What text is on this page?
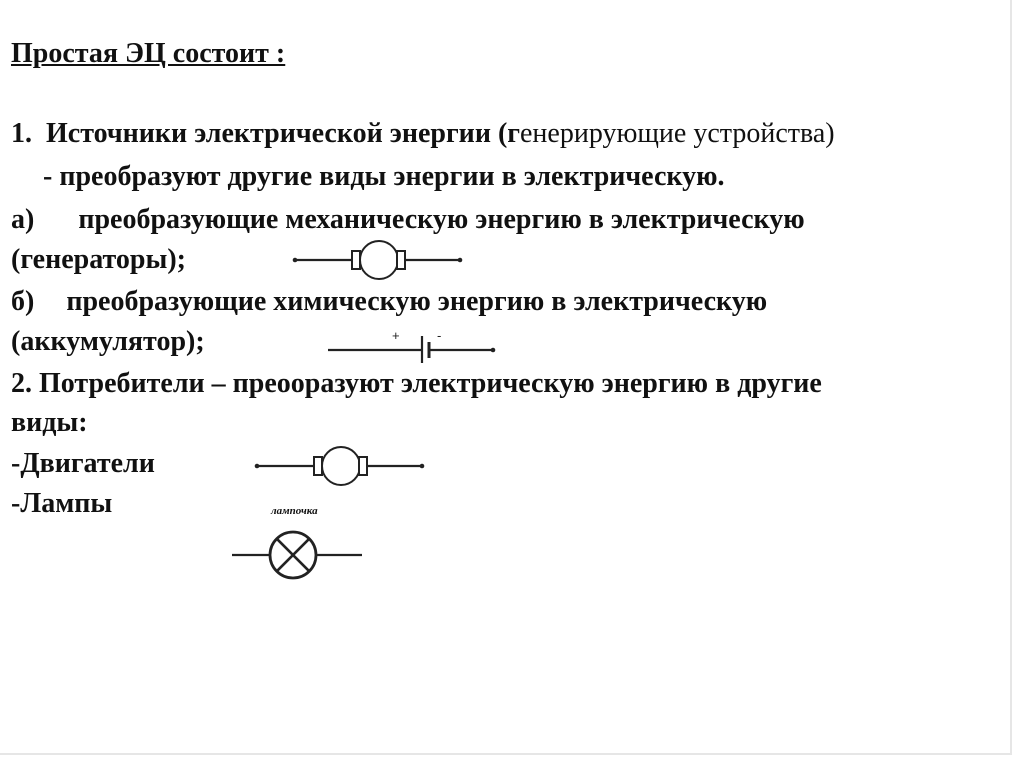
Простая ЭЦ состоит :
1. Источники электрической энергии (генерирующие устройства)
- преобразуют другие виды энергии в электрическую.
а) преобразующие механическую энергию в электрическую
(генераторы);
б) преобразующие химическую энергию в электрическую
(аккумулятор);	+	-
2. Потребители – преооразуют электрическую энергию в другие
виды:
-Двигатели
-Лампы	лампочка
